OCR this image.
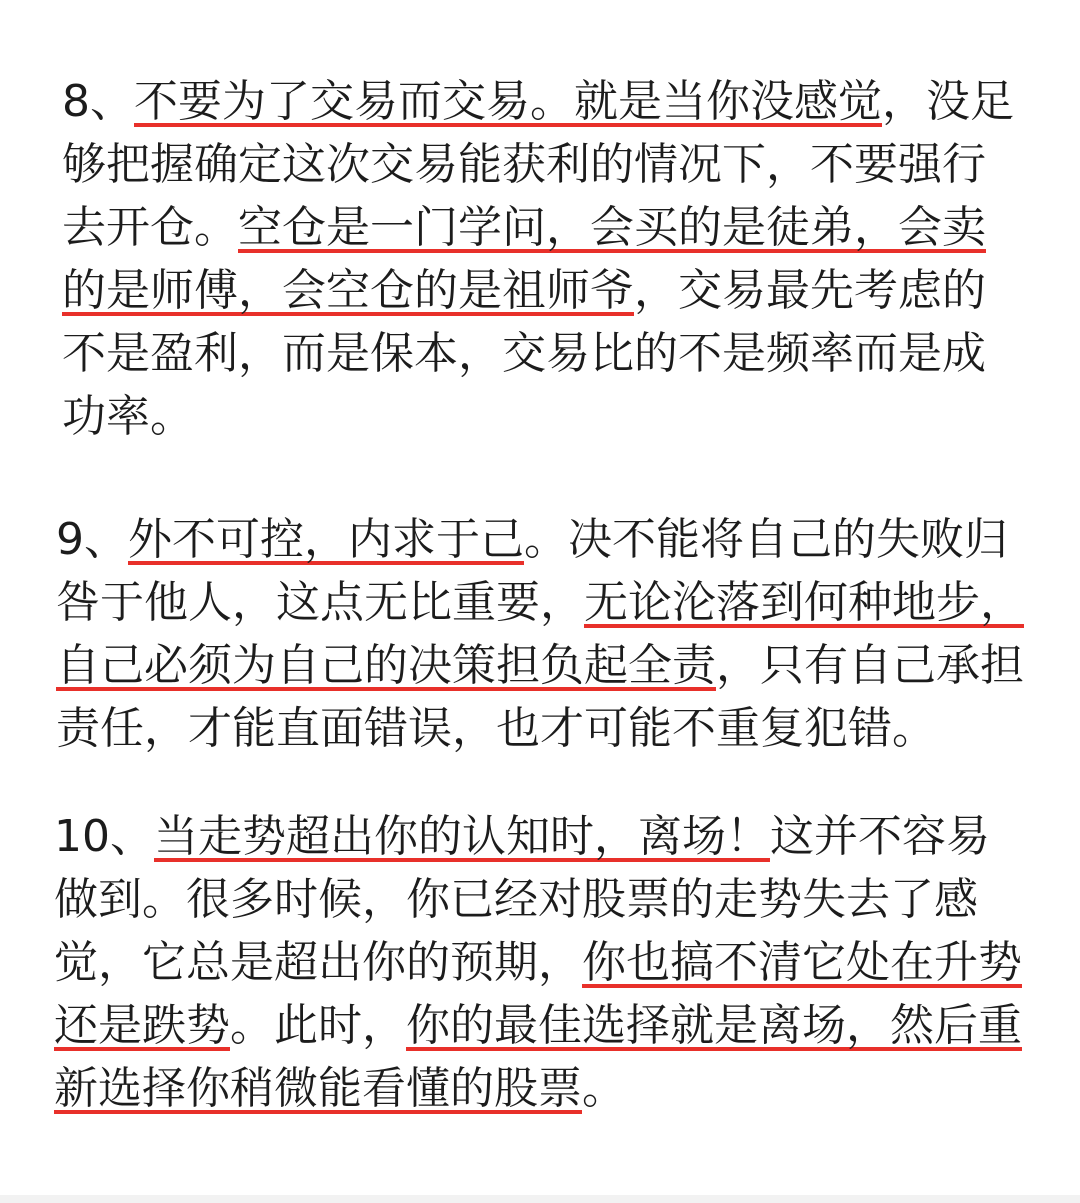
8、不要为了交易而交易。就是当你没感觉，没足够把握确定这次交易能获利的情况下，不要强行去开仓。空仓是一门学问，会买的是徒弟，会卖的是师傅，会空仓的是祖师爷，交易最先考虑的不是盈利，而是保本，交易比的不是频率而是成功率。

9、外不可控，内求于己。决不能将自己的失败归咎于他人，这点无比重要，无论沦落到何种地步，自己必须为自己的决策担负起全责，只有自己承担责任，才能直面错误，也才可能不重复犯错。

10、当走势超出你的认知时，离场！这并不容易做到。很多时候，你已经对股票的走势失去了感觉，它总是超出你的预期，你也搞不清它处在升势还是跌势。此时，你的最佳选择就是离场，然后重新选择你稍微能看懂的股票。
